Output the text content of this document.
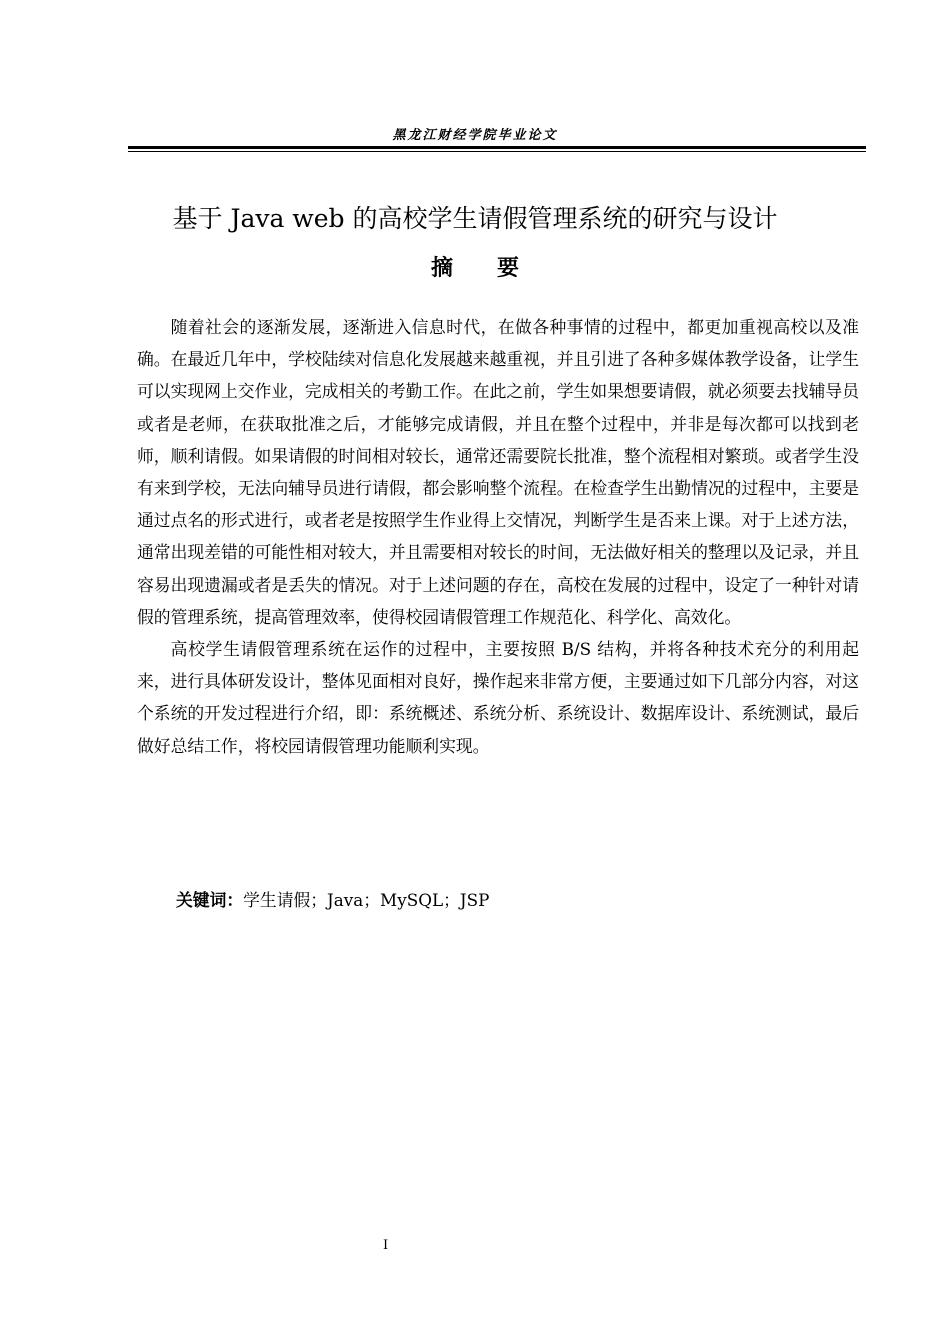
黑龙江财经学院毕业论文
基于 Java web 的高校学生请假管理系统的研究与设计
摘要

随着社会的逐渐发展，逐渐进入信息时代，在做各种事情的过程中，都更加重视高校以及准确。在最近几年中，学校陆续对信息化发展越来越重视，并且引进了各种多媒体教学设备，让学生可以实现网上交作业，完成相关的考勤工作。在此之前，学生如果想要请假，就必须要去找辅导员或者是老师，在获取批准之后，才能够完成请假，并且在整个过程中，并非是每次都可以找到老师，顺利请假。如果请假的时间相对较长，通常还需要院长批准，整个流程相对繁琐。或者学生没有来到学校，无法向辅导员进行请假，都会影响整个流程。在检查学生出勤情况的过程中，主要是通过点名的形式进行，或者老是按照学生作业得上交情况，判断学生是否来上课。对于上述方法，通常出现差错的可能性相对较大，并且需要相对较长的时间，无法做好相关的整理以及记录，并且容易出现遗漏或者是丢失的情况。对于上述问题的存在，高校在发展的过程中，设定了一种针对请假的管理系统，提高管理效率，使得校园请假管理工作规范化、科学化、高效化。

高校学生请假管理系统在运作的过程中，主要按照 B/S 结构，并将各种技术充分的利用起来，进行具体研发设计，整体见面相对良好，操作起来非常方便，主要通过如下几部分内容，对这个系统的开发过程进行介绍，即：系统概述、系统分析、系统设计、数据库设计、系统测试，最后做好总结工作，将校园请假管理功能顺利实现。

关键词：学生请假；Java；MySQL；JSP
I
